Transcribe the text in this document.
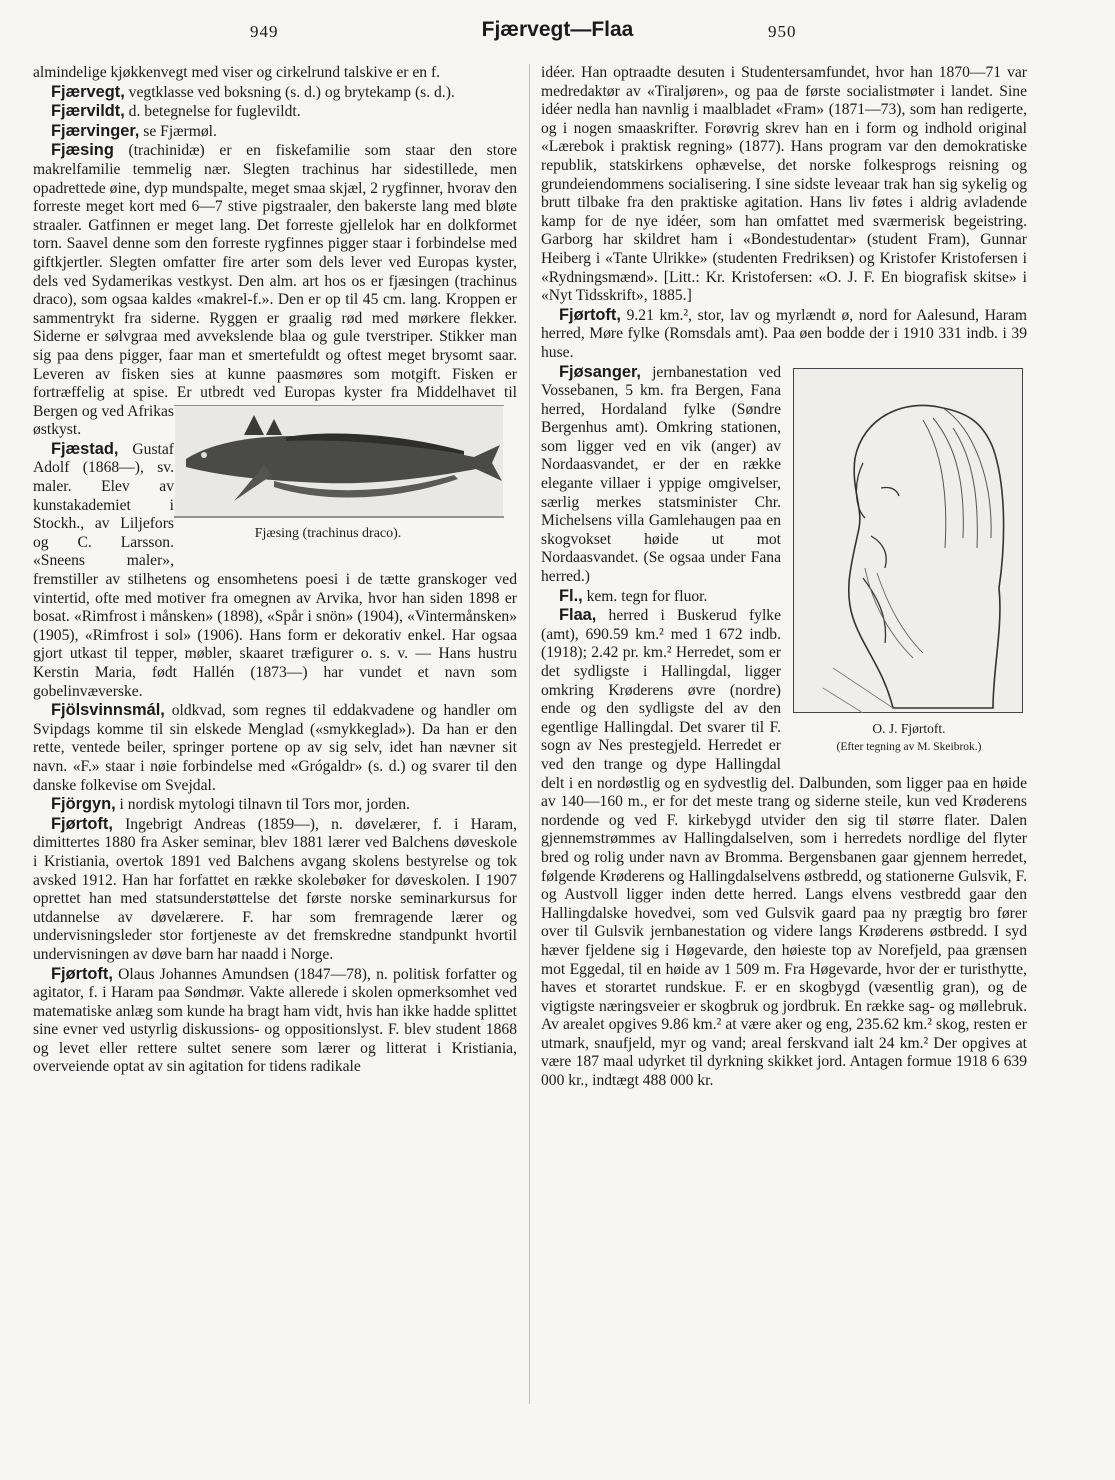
949	Fjærvegt—Flaa	950

almindelige kjøkkenvegt med viser og cirkelrund talskive er en f.

Fjærvegt, vegtklasse ved boksning (s. d.) og brytekamp (s. d.).

Fjærvildt, d. betegnelse for fuglevildt.

Fjærvinger, se Fjærmøl.

Fjæsing (trachinus draco).
Fjæsing (trachinidæ) er en fiskefamilie som staar den store makrelfamilie temmelig nær. Slegten trachinus har sidestillede, men opadrettede øine, dyp mundspalte, meget smaa skjæl, 2 rygfinner, hvorav den forreste meget kort med 6—7 stive pigstraaler, den bakerste lang med bløte straaler. Gatfinnen er meget lang. Det forreste gjellelok har en dolkformet torn. Saavel denne som den forreste rygfinnes pigger staar i forbindelse med giftkjertler. Slegten omfatter fire arter som dels lever ved Europas kyster, dels ved Sydamerikas vestkyst. Den alm. art hos os er fjæsingen (trachinus draco), som ogsaa kaldes «makrel-f.». Den er op til 45 cm. lang. Kroppen er sammentrykt fra siderne. Ryggen er graalig rød med mørkere flekker. Siderne er sølvgraa med avvekslende blaa og gule tverstriper. Stikker man sig paa dens pigger, faar man et smertefuldt og oftest meget brysomt saar. Leveren av fisken sies at kunne paasmøres som motgift. Fisken er fortræffelig at spise. Er utbredt ved Europas kyster fra Middelhavet til Bergen og ved Afrikas østkyst.

Fjæstad, Gustaf Adolf (1868—), sv. maler. Elev av kunstakademiet i Stockh., av Liljefors og C. Larsson. «Sneens maler», fremstiller av stilhetens og ensomhetens poesi i de tætte granskoger ved vintertid, ofte med motiver fra omegnen av Arvika, hvor han siden 1898 er bosat. «Rimfrost i månsken» (1898), «Spår i snön» (1904), «Vintermånsken» (1905), «Rimfrost i sol» (1906). Hans form er dekorativ enkel. Har ogsaa gjort utkast til tepper, møbler, skaaret træfigurer o. s. v. — Hans hustru Kerstin Maria, født Hallén (1873—) har vundet et navn som gobelinvæverske.

Fjölsvinnsmál, oldkvad, som regnes til eddakvadene og handler om Svipdags komme til sin elskede Menglad («smykkeglad»). Da han er den rette, ventede beiler, springer portene op av sig selv, idet han nævner sit navn. «F.» staar i nøie forbindelse med «Grógaldr» (s. d.) og svarer til den danske folkevise om Svejdal.

Fjörgyn, i nordisk mytologi tilnavn til Tors mor, jorden.

Fjørtoft, Ingebrigt Andreas (1859—), n. døvelærer, f. i Haram, dimittertes 1880 fra Asker seminar, blev 1881 lærer ved Balchens døveskole i Kristiania, overtok 1891 ved Balchens avgang skolens bestyrelse og tok avsked 1912. Han har forfattet en række skolebøker for døveskolen. I 1907 oprettet han med statsunderstøttelse det første norske seminarkursus for utdannelse av døvelærere. F. har som fremragende lærer og undervisningsleder stor fortjeneste av det fremskredne standpunkt hvortil undervisningen av døve barn har naadd i Norge.

Fjørtoft, Olaus Johannes Amundsen (1847—78), n. politisk forfatter og agitator, f. i Haram paa Søndmør. Vakte allerede i skolen opmerksomhet ved matematiske anlæg som kunde ha bragt ham vidt, hvis han ikke hadde splittet sine evner ved ustyrlig diskussions- og oppositionslyst. F. blev student 1868 og levet eller rettere sultet senere som lærer og litterat i Kristiania, overveiende optat av sin agitation for tidens radikale

O. J. Fjørtoft.
(Efter tegning av M. Skeibrok.)

idéer. Han optraadte desuten i Studentersamfundet, hvor han 1870—71 var medredaktør av «Tiraljøren», og paa de første socialistmøter i landet. Sine idéer nedla han navnlig i maalbladet «Fram» (1871—73), som han redigerte, og i nogen smaaskrifter. Forøvrig skrev han en i form og indhold original «Lærebok i praktisk regning» (1877). Hans program var den demokratiske republik, statskirkens ophævelse, det norske folkesprogs reisning og grundeiendommens socialisering. I sine sidste leveaar trak han sig sykelig og brutt tilbake fra den praktiske agitation. Hans liv føtes i aldrig avladende kamp for de nye idéer, som han omfattet med sværmerisk begeistring. Garborg har skildret ham i «Bondestudentar» (student Fram), Gunnar Heiberg i «Tante Ulrikke» (studenten Fredriksen) og Kristofer Kristofersen i «Rydningsmænd». [Litt.: Kr. Kristofersen: «O. J. F. En biografisk skitse» i «Nyt Tidsskrift», 1885.]

Fjørtoft, 9.21 km.², stor, lav og myrlændt ø, nord for Aalesund, Haram herred, Møre fylke (Romsdals amt). Paa øen bodde der i 1910 331 indb. i 39 huse.

Fjøsanger, jernbanestation ved Vossebanen, 5 km. fra Bergen, Fana herred, Hordaland fylke (Søndre Bergenhus amt). Omkring stationen, som ligger ved en vik (anger) av Nordaasvandet, er der en række elegante villaer i yppige omgivelser, særlig merkes statsminister Chr. Michelsens villa Gamlehaugen paa en skogvokset høide ut mot Nordaasvandet. (Se ogsaa under Fana herred.)

Fl., kem. tegn for fluor.

Flaa, herred i Buskerud fylke (amt), 690.59 km.² med 1 672 indb. (1918); 2.42 pr. km.² Herredet, som er det sydligste i Hallingdal, ligger omkring Krøderens øvre (nordre) ende og den sydligste del av den egentlige Hallingdal. Det svarer til F. sogn av Nes prestegjeld. Herredet er ved den trange og dype Hallingdal delt i en nordøstlig og en sydvestlig del. Dalbunden, som ligger paa en høide av 140—160 m., er for det meste trang og siderne steile, kun ved Krøderens nordende og ved F. kirkebygd utvider den sig til større flater. Dalen gjennemstrømmes av Hallingdalselven, som i herredets nordlige del flyter bred og rolig under navn av Bromma. Bergensbanen gaar gjennem herredet, følgende Krøderens og Hallingdalselvens østbredd, og stationerne Gulsvik, F. og Austvoll ligger inden dette herred. Langs elvens vestbredd gaar den Hallingdalske hovedvei, som ved Gulsvik gaard paa ny prægtig bro fører over til Gulsvik jernbanestation og videre langs Krøderens østbredd. I syd hæver fjeldene sig i Høgevarde, den høieste top av Norefjeld, paa grænsen mot Eggedal, til en høide av 1 509 m. Fra Høgevarde, hvor der er turisthytte, haves et storartet rundskue. F. er en skogbygd (væsentlig gran), og de vigtigste næringsveier er skogbruk og jordbruk. En række sag- og møllebruk. Av arealet opgives 9.86 km.² at være aker og eng, 235.62 km.² skog, resten er utmark, snaufjeld, myr og vand; areal ferskvand ialt 24 km.² Der opgives at være 187 maal udyrket til dyrkning skikket jord. Antagen formue 1918 6 639 000 kr., indtægt 488 000 kr.
